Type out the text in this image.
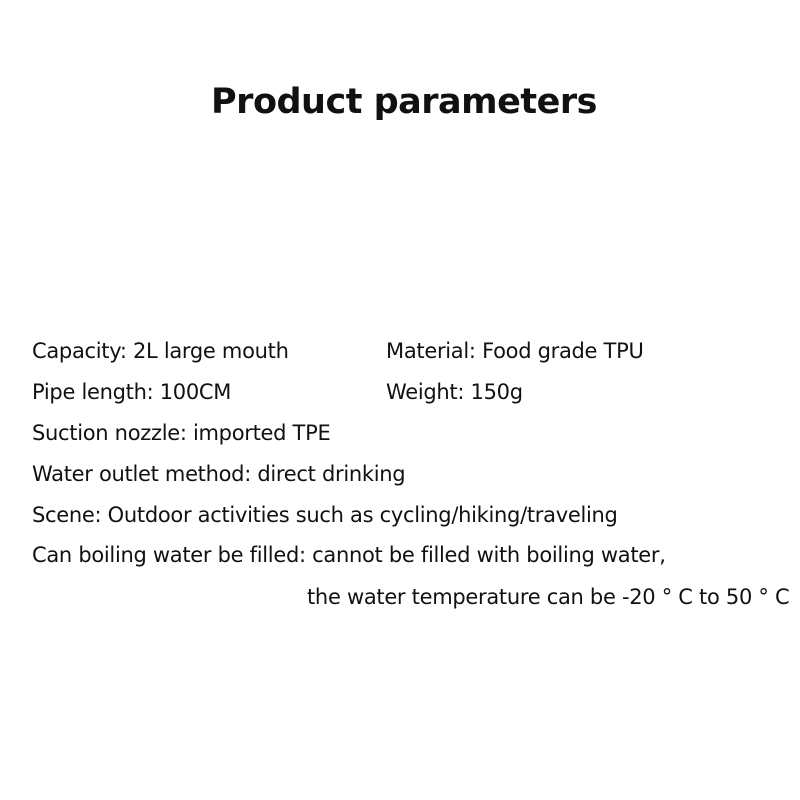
Product parameters
Capacity: 2L large mouth	Material: Food grade TPU
Pipe length: 100CM	Weight: 150g
Suction nozzle: imported TPE
Water outlet method: direct drinking
Scene: Outdoor activities such as cycling/hiking/traveling
Can boiling water be filled: cannot be filled with boiling water,
the water temperature can be -20 ° C to 50 ° C
